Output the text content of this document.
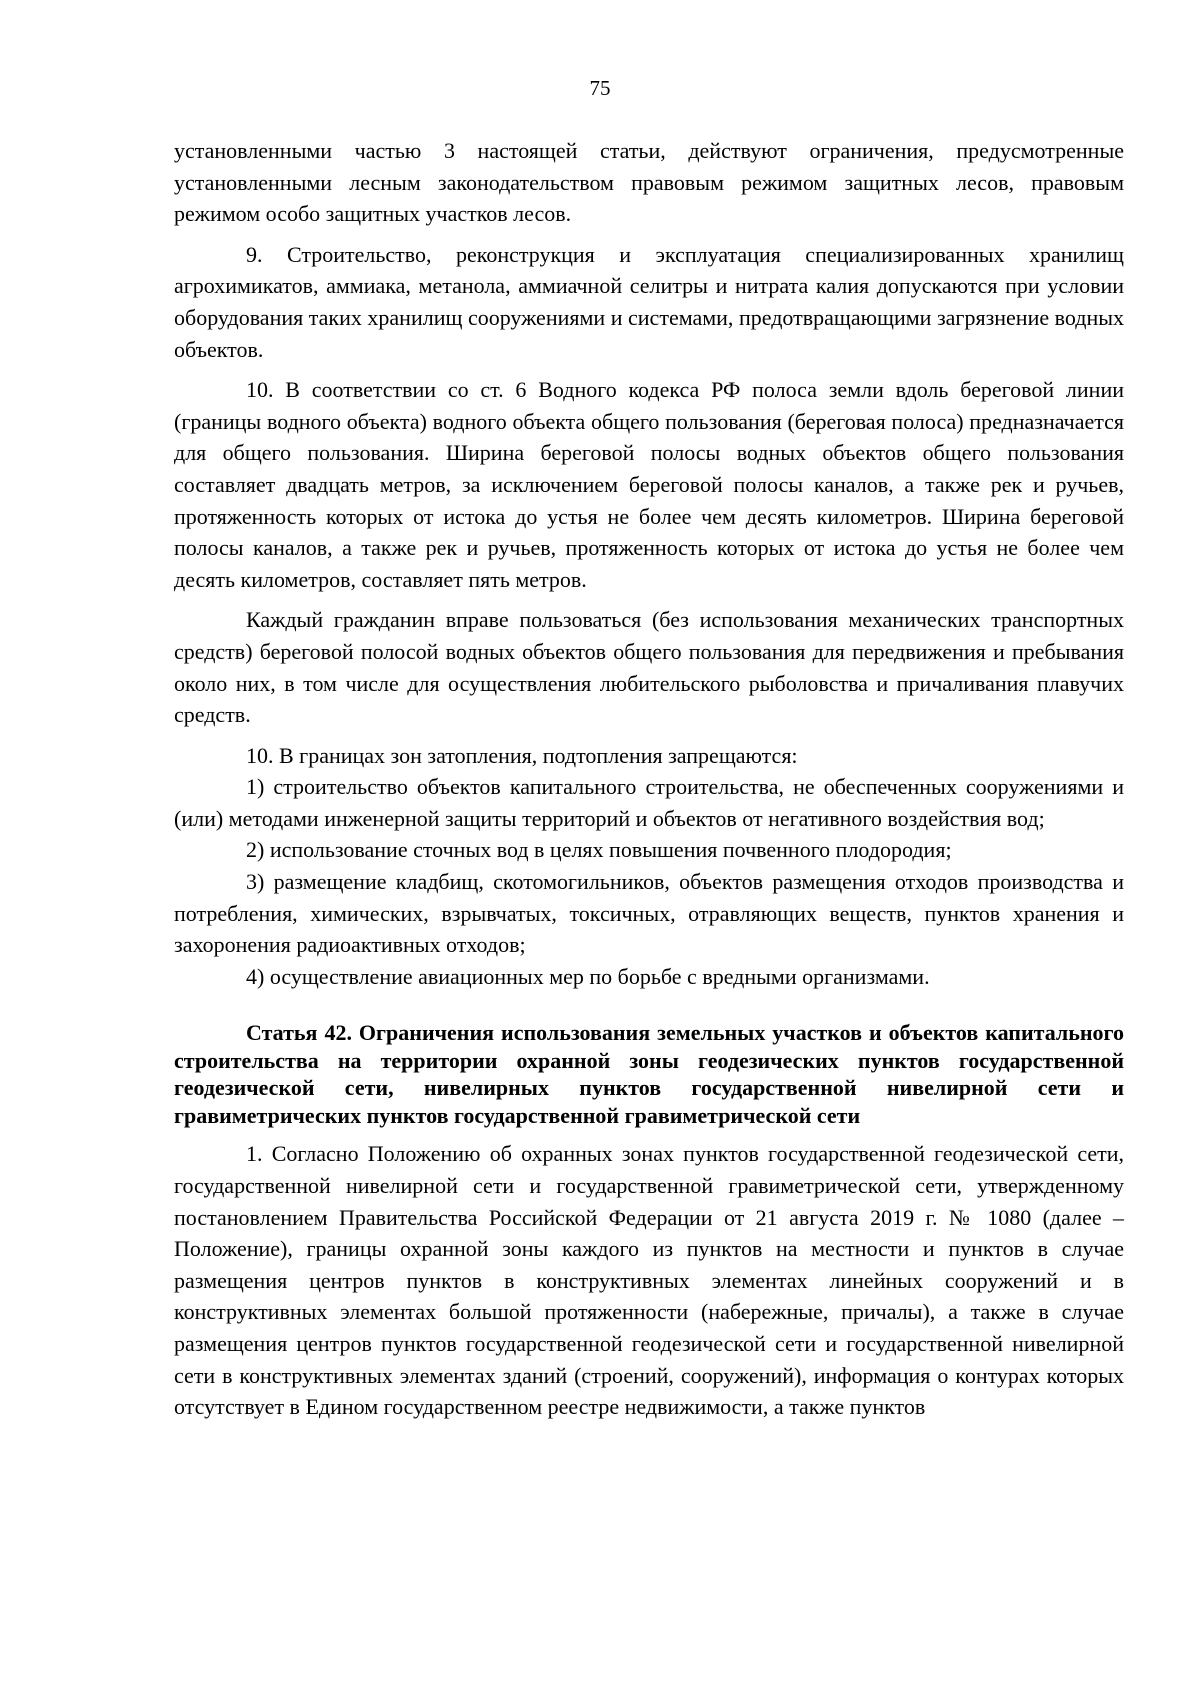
75

установленными частью 3 настоящей статьи, действуют ограничения, предусмотренные установленными лесным законодательством правовым режимом защитных лесов, правовым режимом особо защитных участков лесов.

9. Строительство, реконструкция и эксплуатация специализированных хранилищ агрохимикатов, аммиака, метанола, аммиачной селитры и нитрата калия допускаются при условии оборудования таких хранилищ сооружениями и системами, предотвращающими загрязнение водных объектов.

10. В соответствии со ст. 6 Водного кодекса РФ полоса земли вдоль береговой линии (границы водного объекта) водного объекта общего пользования (береговая полоса) предназначается для общего пользования. Ширина береговой полосы водных объектов общего пользования составляет двадцать метров, за исключением береговой полосы каналов, а также рек и ручьев, протяженность которых от истока до устья не более чем десять километров. Ширина береговой полосы каналов, а также рек и ручьев, протяженность которых от истока до устья не более чем десять километров, составляет пять метров.

Каждый гражданин вправе пользоваться (без использования механических транспортных средств) береговой полосой водных объектов общего пользования для передвижения и пребывания около них, в том числе для осуществления любительского рыболовства и причаливания плавучих средств.

10. В границах зон затопления, подтопления запрещаются:

1) строительство объектов капитального строительства, не обеспеченных сооружениями и (или) методами инженерной защиты территорий и объектов от негативного воздействия вод;

2) использование сточных вод в целях повышения почвенного плодородия;

3) размещение кладбищ, скотомогильников, объектов размещения отходов производства и потребления, химических, взрывчатых, токсичных, отравляющих веществ, пунктов хранения и захоронения радиоактивных отходов;

4) осуществление авиационных мер по борьбе с вредными организмами.

Статья 42. Ограничения использования земельных участков и объектов капитального строительства на территории охранной зоны геодезических пунктов государственной геодезической сети, нивелирных пунктов государственной нивелирной сети и гравиметрических пунктов государственной гравиметрической сети

1. Согласно Положению об охранных зонах пунктов государственной геодезической сети, государственной нивелирной сети и государственной гравиметрической сети, утвержденному постановлением Правительства Российской Федерации от 21 августа 2019 г. № 1080 (далее – Положение), границы охранной зоны каждого из пунктов на местности и пунктов в случае размещения центров пунктов в конструктивных элементах линейных сооружений и в конструктивных элементах большой протяженности (набережные, причалы), а также в случае размещения центров пунктов государственной геодезической сети и государственной нивелирной сети в конструктивных элементах зданий (строений, сооружений), информация о контурах которых отсутствует в Едином государственном реестре недвижимости, а также пунктов
